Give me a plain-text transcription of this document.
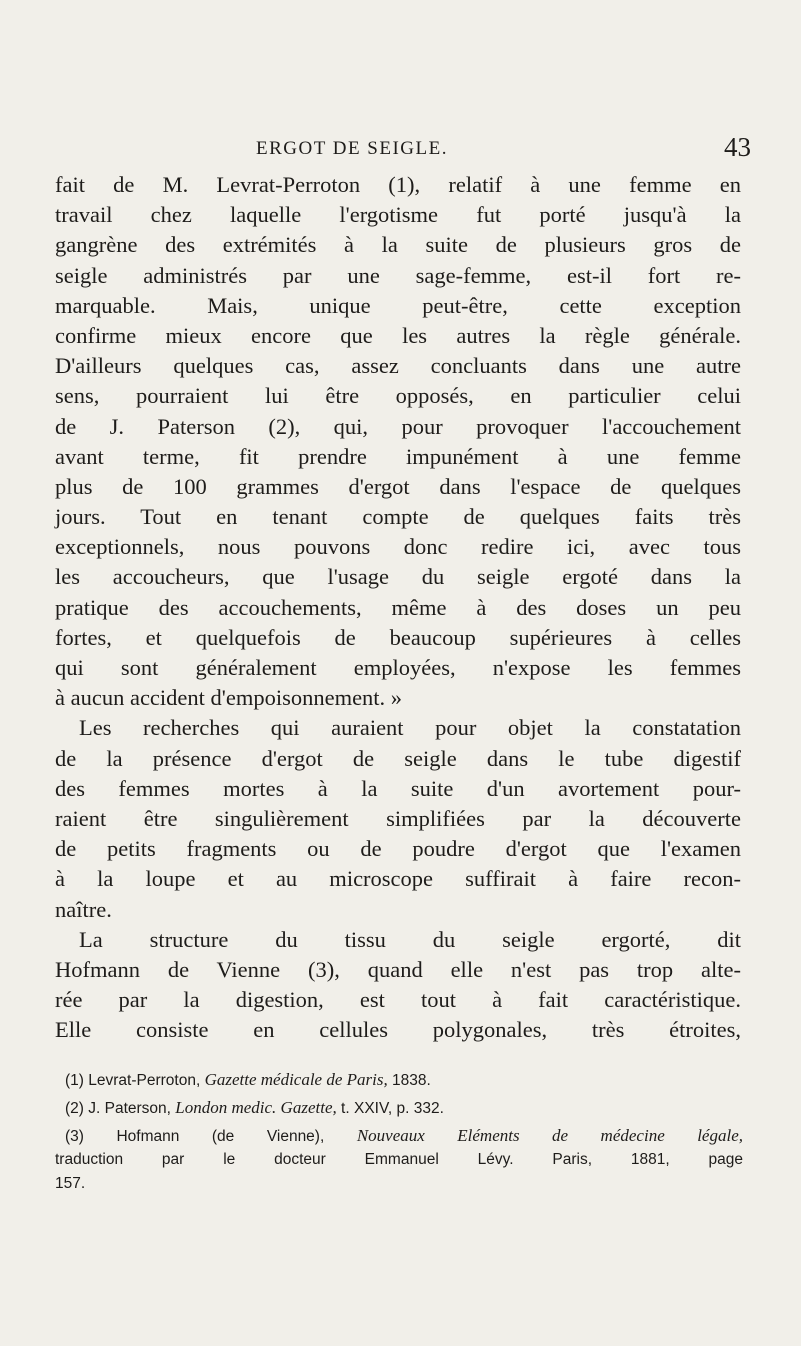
ERGOT DE SEIGLE.	43
fait de M. Levrat-Perroton (1), relatif à une femme en
travail chez laquelle l'ergotisme fut porté jusqu'à la
gangrène des extrémités à la suite de plusieurs gros de
seigle administrés par une sage-femme, est-il fort re-
marquable. Mais, unique peut-être, cette exception
confirme mieux encore que les autres la règle générale.
D'ailleurs quelques cas, assez concluants dans une autre
sens, pourraient lui être opposés, en particulier celui
de J. Paterson (2), qui, pour provoquer l'accouchement
avant terme, fit prendre impunément à une femme
plus de 100 grammes d'ergot dans l'espace de quelques
jours. Tout en tenant compte de quelques faits très
exceptionnels, nous pouvons donc redire ici, avec tous
les accoucheurs, que l'usage du seigle ergoté dans la
pratique des accouchements, même à des doses un peu
fortes, et quelquefois de beaucoup supérieures à celles
qui sont généralement employées, n'expose les femmes
à aucun accident d'empoisonnement. »
Les recherches qui auraient pour objet la constatation
de la présence d'ergot de seigle dans le tube digestif
des femmes mortes à la suite d'un avortement pour-
raient être singulièrement simplifiées par la découverte
de petits fragments ou de poudre d'ergot que l'examen
à la loupe et au microscope suffirait à faire recon-
naître.
La structure du tissu du seigle ergorté, dit
Hofmann de Vienne (3), quand elle n'est pas trop alte-
rée par la digestion, est tout à fait caractéristique.
Elle consiste en cellules polygonales, très étroites,
(1) Levrat-Perroton, Gazette médicale de Paris, 1838.
(2) J. Paterson, London medic. Gazette, t. XXIV, p. 332.
(3) Hofmann (de Vienne), Nouveaux Eléments de médecine légale,
traduction par le docteur Emmanuel Lévy. Paris, 1881, page
157.
